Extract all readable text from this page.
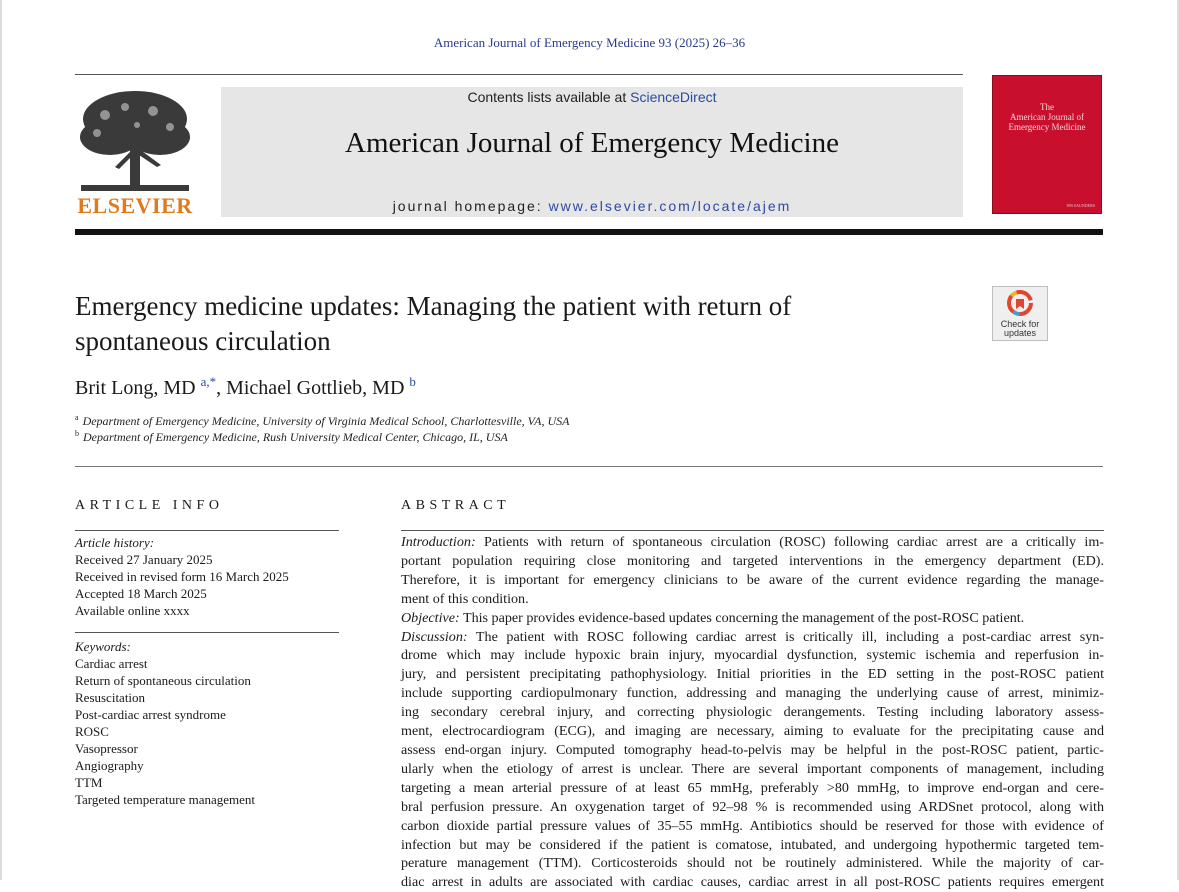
American Journal of Emergency Medicine 93 (2025) 26–36
ELSEVIER
Contents lists available at ScienceDirect
American Journal of Emergency Medicine
journal homepage: www.elsevier.com/locate/ajem
The
American Journal of
Emergency Medicine
WB SAUNDERS
Emergency medicine updates: Managing the patient with return of
spontaneous circulation
Check for
updates
Brit Long, MD $^{a,*}$, Michael Gottlieb, MD $^b$
$^a$ Department of Emergency Medicine, University of Virginia Medical School, Charlottesville, VA, USA
$^b$ Department of Emergency Medicine, Rush University Medical Center, Chicago, IL, USA
ARTICLE INFO
Article history:
Received 27 January 2025
Received in revised form 16 March 2025
Accepted 18 March 2025
Available online xxxx
Keywords:
Cardiac arrest
Return of spontaneous circulation
Resuscitation
Post-cardiac arrest syndrome
ROSC
Vasopressor
Angiography
TTM
Targeted temperature management
ABSTRACT
Introduction: Patients with return of spontaneous circulation (ROSC) following cardiac arrest are a critically im-
portant population requiring close monitoring and targeted interventions in the emergency department (ED).
Therefore, it is important for emergency clinicians to be aware of the current evidence regarding the manage-
ment of this condition.
Objective: This paper provides evidence-based updates concerning the management of the post-ROSC patient.
Discussion: The patient with ROSC following cardiac arrest is critically ill, including a post-cardiac arrest syn-
drome which may include hypoxic brain injury, myocardial dysfunction, systemic ischemia and reperfusion in-
jury, and persistent precipitating pathophysiology. Initial priorities in the ED setting in the post-ROSC patient
include supporting cardiopulmonary function, addressing and managing the underlying cause of arrest, minimiz-
ing secondary cerebral injury, and correcting physiologic derangements. Testing including laboratory assess-
ment, electrocardiogram (ECG), and imaging are necessary, aiming to evaluate for the precipitating cause and
assess end-organ injury. Computed tomography head-to-pelvis may be helpful in the post-ROSC patient, partic-
ularly when the etiology of arrest is unclear. There are several important components of management, including
targeting a mean arterial pressure of at least 65 mmHg, preferably >80 mmHg, to improve end-organ and cere-
bral perfusion pressure. An oxygenation target of 92–98 % is recommended using ARDSnet protocol, along with
carbon dioxide partial pressure values of 35–55 mmHg. Antibiotics should be reserved for those with evidence of
infection but may be considered if the patient is comatose, intubated, and undergoing hypothermic targeted tem-
perature management (TTM). Corticosteroids should not be routinely administered. While the majority of car-
diac arrest in adults are associated with cardiac causes, cardiac arrest in all post-ROSC patients requires emergent
